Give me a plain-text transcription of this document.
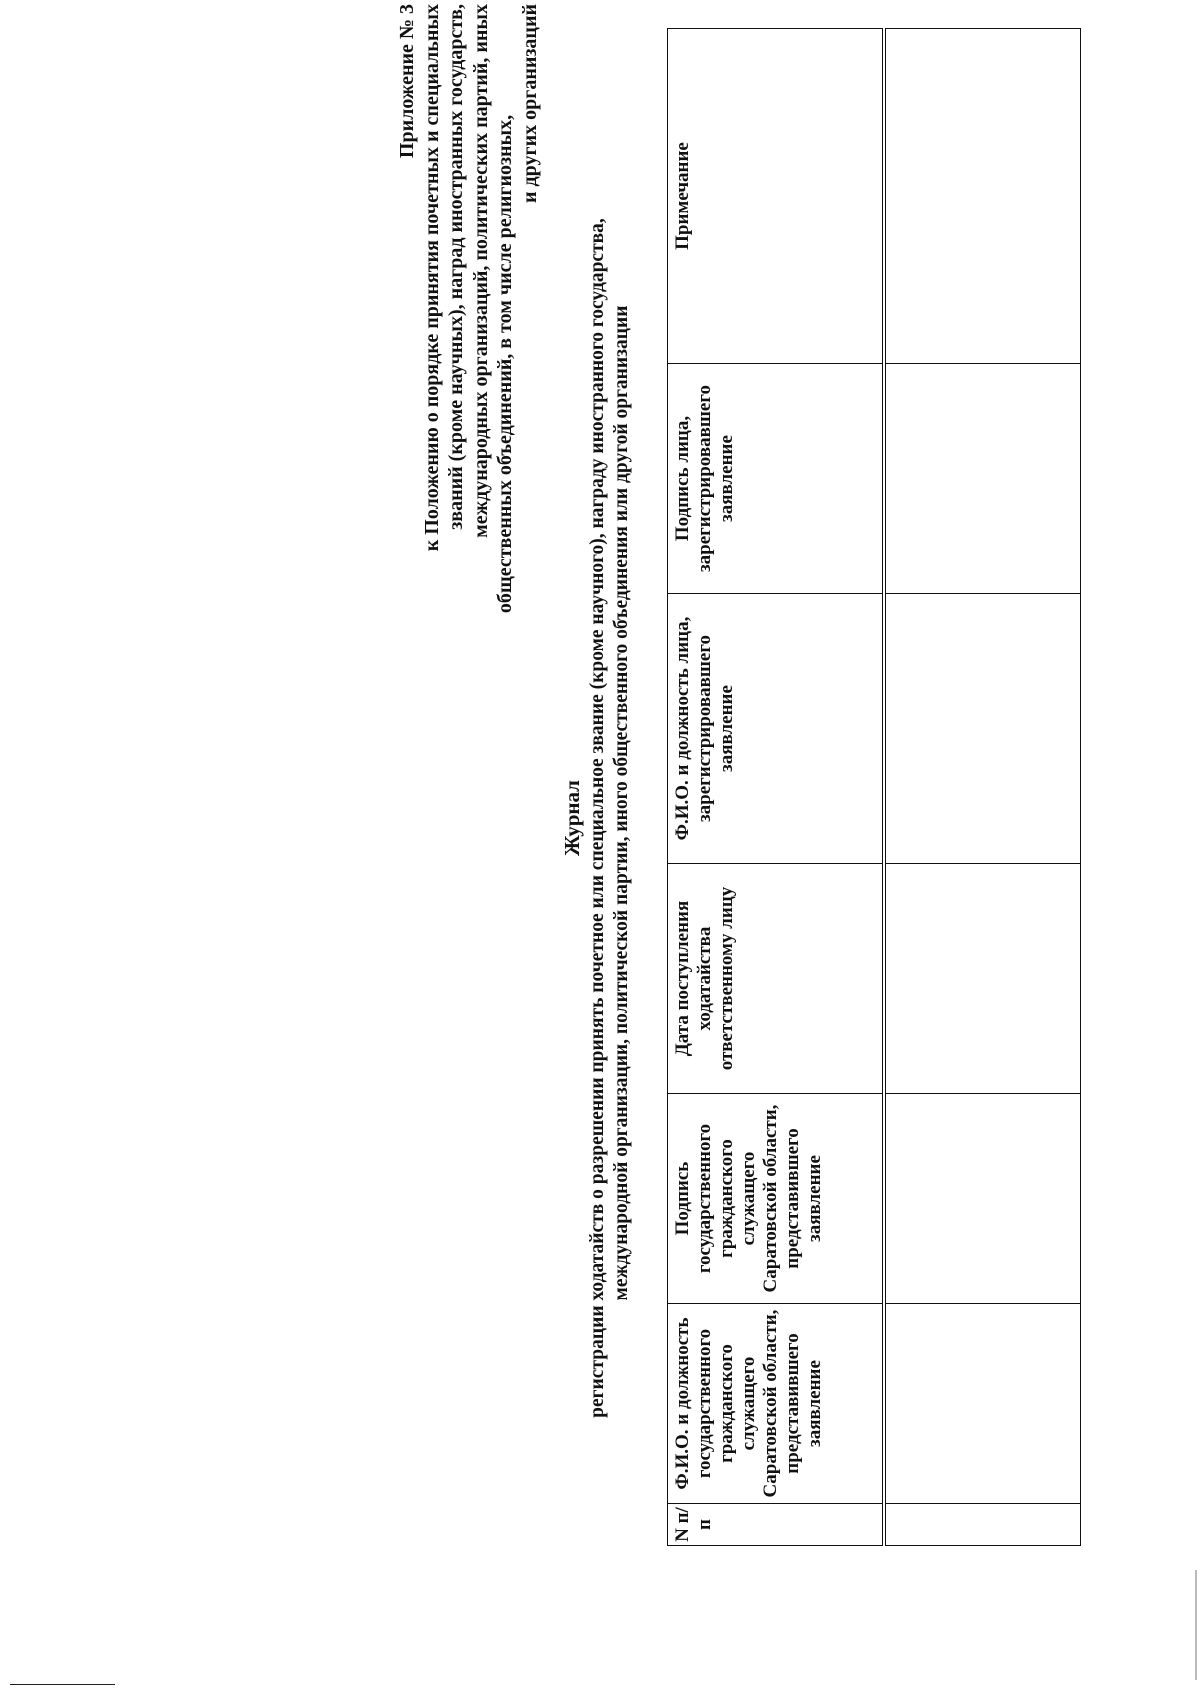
Приложение № 3 к Положению о порядке принятия почетных и специальных званий (кроме научных), наград иностранных государств, международных организаций, политических партий, иных общественных объединений, в том числе религиозных,
и других организаций
Журнал регистрации ходатайств о разрешении принять почетное или специальное звание (кроме научного), награду иностранного государства, международной организации, политической партии, иного общественного объединения или другой организации
N п/п	Ф.И.О. и должность государственного гражданского служащего Саратовской области, представившего заявление	Подпись государственного гражданского служащего Саратовской области, представившего заявление	Дата поступления ходатайства ответственному лицу	Ф.И.О. и должность лица, зарегистрировавшего заявление	Подпись лица, зарегистрировавшего заявление	Примечание
